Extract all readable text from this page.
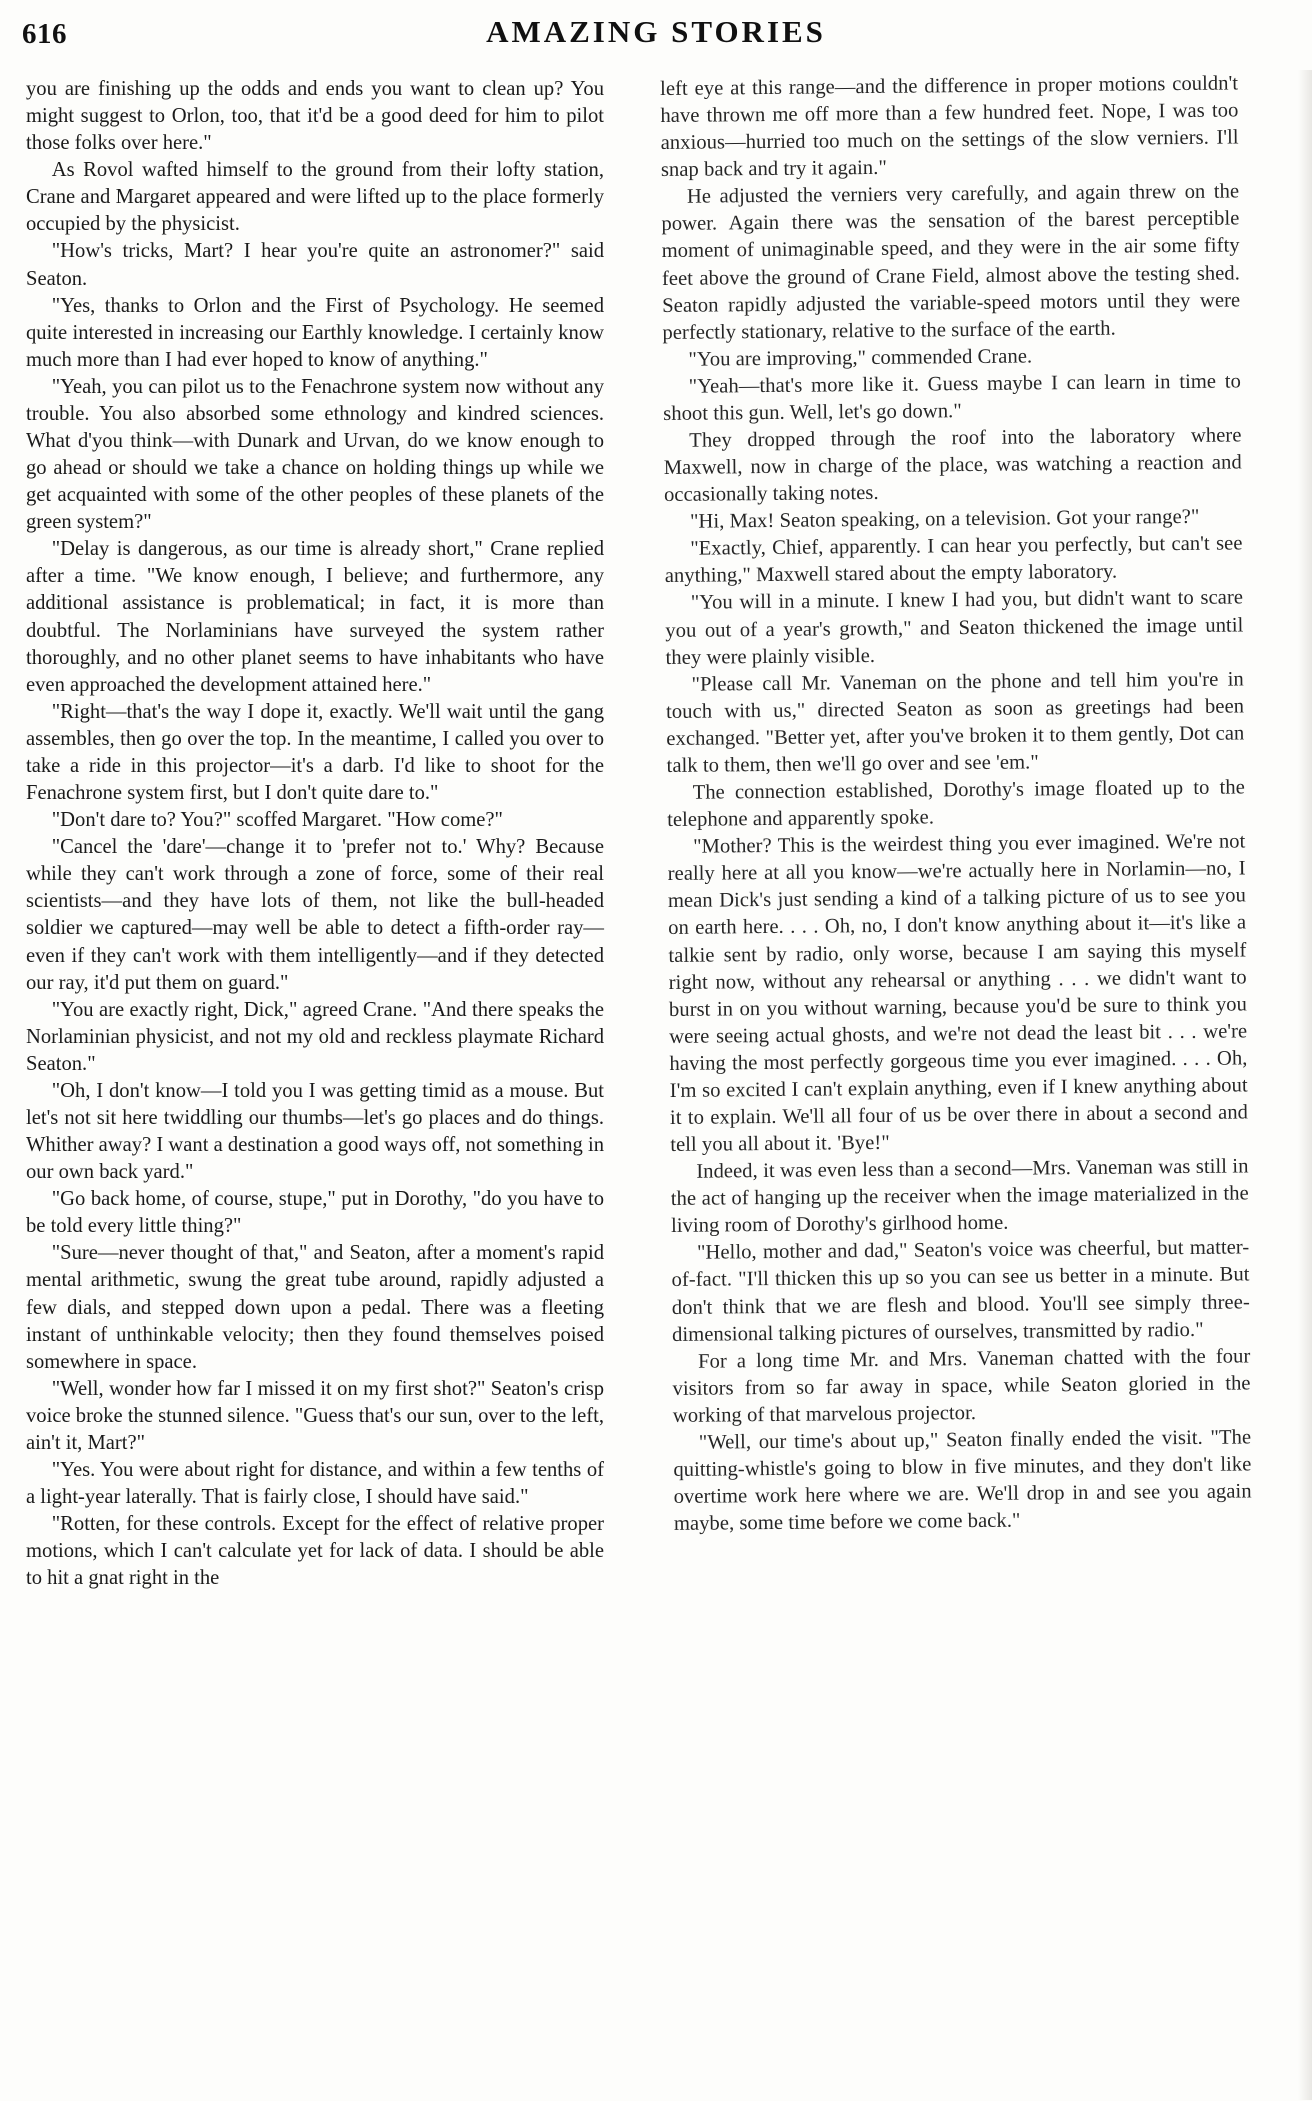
616	AMAZING STORIES

you are finishing up the odds and ends you want to clean up? You might suggest to Orlon, too, that it'd be a good deed for him to pilot those folks over here."

As Rovol wafted himself to the ground from their lofty station, Crane and Margaret appeared and were lifted up to the place formerly occupied by the physicist.

"How's tricks, Mart? I hear you're quite an astronomer?" said Seaton.

"Yes, thanks to Orlon and the First of Psychology. He seemed quite interested in increasing our Earthly knowledge. I certainly know much more than I had ever hoped to know of anything."

"Yeah, you can pilot us to the Fenachrone system now without any trouble. You also absorbed some ethnology and kindred sciences. What d'you think—with Dunark and Urvan, do we know enough to go ahead or should we take a chance on holding things up while we get acquainted with some of the other peoples of these planets of the green system?"

"Delay is dangerous, as our time is already short," Crane replied after a time. "We know enough, I believe; and furthermore, any additional assistance is problematical; in fact, it is more than doubtful. The Norlaminians have surveyed the system rather thoroughly, and no other planet seems to have inhabitants who have even approached the development attained here."

"Right—that's the way I dope it, exactly. We'll wait until the gang assembles, then go over the top. In the meantime, I called you over to take a ride in this projector—it's a darb. I'd like to shoot for the Fenachrone system first, but I don't quite dare to."

"Don't dare to? You?" scoffed Margaret. "How come?"

"Cancel the 'dare'—change it to 'prefer not to.' Why? Because while they can't work through a zone of force, some of their real scientists—and they have lots of them, not like the bull-headed soldier we captured—may well be able to detect a fifth-order ray—even if they can't work with them intelligently—and if they detected our ray, it'd put them on guard."

"You are exactly right, Dick," agreed Crane. "And there speaks the Norlaminian physicist, and not my old and reckless playmate Richard Seaton."

"Oh, I don't know—I told you I was getting timid as a mouse. But let's not sit here twiddling our thumbs—let's go places and do things. Whither away? I want a destination a good ways off, not something in our own back yard."

"Go back home, of course, stupe," put in Dorothy, "do you have to be told every little thing?"

"Sure—never thought of that," and Seaton, after a moment's rapid mental arithmetic, swung the great tube around, rapidly adjusted a few dials, and stepped down upon a pedal. There was a fleeting instant of unthinkable velocity; then they found themselves poised somewhere in space.

"Well, wonder how far I missed it on my first shot?" Seaton's crisp voice broke the stunned silence. "Guess that's our sun, over to the left, ain't it, Mart?"

"Yes. You were about right for distance, and within a few tenths of a light-year laterally. That is fairly close, I should have said."

"Rotten, for these controls. Except for the effect of relative proper motions, which I can't calculate yet for lack of data. I should be able to hit a gnat right in the

left eye at this range—and the difference in proper motions couldn't have thrown me off more than a few hundred feet. Nope, I was too anxious—hurried too much on the settings of the slow verniers. I'll snap back and try it again."

He adjusted the verniers very carefully, and again threw on the power. Again there was the sensation of the barest perceptible moment of unimaginable speed, and they were in the air some fifty feet above the ground of Crane Field, almost above the testing shed. Seaton rapidly adjusted the variable-speed motors until they were perfectly stationary, relative to the surface of the earth.

"You are improving," commended Crane.

"Yeah—that's more like it. Guess maybe I can learn in time to shoot this gun. Well, let's go down."

They dropped through the roof into the laboratory where Maxwell, now in charge of the place, was watching a reaction and occasionally taking notes.

"Hi, Max! Seaton speaking, on a television. Got your range?"

"Exactly, Chief, apparently. I can hear you perfectly, but can't see anything," Maxwell stared about the empty laboratory.

"You will in a minute. I knew I had you, but didn't want to scare you out of a year's growth," and Seaton thickened the image until they were plainly visible.

"Please call Mr. Vaneman on the phone and tell him you're in touch with us," directed Seaton as soon as greetings had been exchanged. "Better yet, after you've broken it to them gently, Dot can talk to them, then we'll go over and see 'em."

The connection established, Dorothy's image floated up to the telephone and apparently spoke.

"Mother? This is the weirdest thing you ever imagined. We're not really here at all you know—we're actually here in Norlamin—no, I mean Dick's just sending a kind of a talking picture of us to see you on earth here. . . . Oh, no, I don't know anything about it—it's like a talkie sent by radio, only worse, because I am saying this myself right now, without any rehearsal or anything . . . we didn't want to burst in on you without warning, because you'd be sure to think you were seeing actual ghosts, and we're not dead the least bit . . . we're having the most perfectly gorgeous time you ever imagined. . . . Oh, I'm so excited I can't explain anything, even if I knew anything about it to explain. We'll all four of us be over there in about a second and tell you all about it. 'Bye!"

Indeed, it was even less than a second—Mrs. Vaneman was still in the act of hanging up the receiver when the image materialized in the living room of Dorothy's girlhood home.

"Hello, mother and dad," Seaton's voice was cheerful, but matter-of-fact. "I'll thicken this up so you can see us better in a minute. But don't think that we are flesh and blood. You'll see simply three-dimensional talking pictures of ourselves, transmitted by radio."

For a long time Mr. and Mrs. Vaneman chatted with the four visitors from so far away in space, while Seaton gloried in the working of that marvelous projector.

"Well, our time's about up," Seaton finally ended the visit. "The quitting-whistle's going to blow in five minutes, and they don't like overtime work here where we are. We'll drop in and see you again maybe, some time before we come back."
